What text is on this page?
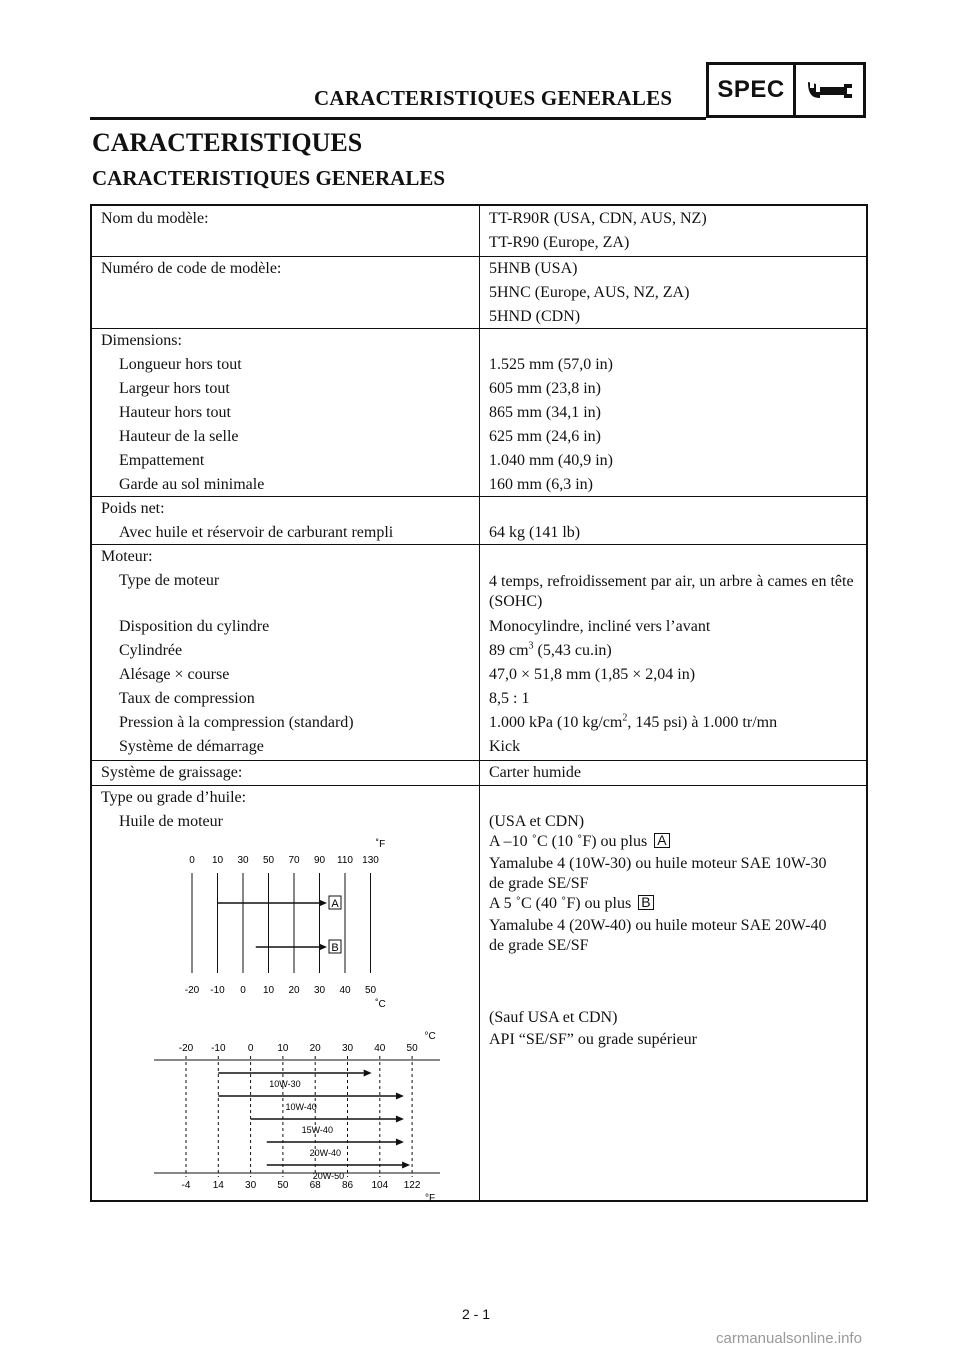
CARACTERISTIQUES GENERALES	SPEC
CARACTERISTIQUES
CARACTERISTIQUES GENERALES
Nom du modèle:	TT-R90R (USA, CDN, AUS, NZ)
TT-R90 (Europe, ZA)
Numéro de code de modèle:	5HNB (USA)
5HNC (Europe, AUS, NZ, ZA)
5HND (CDN)
Dimensions:
Longueur hors tout	1.525 mm (57,0 in)
Largeur hors tout	605 mm (23,8 in)
Hauteur hors tout	865 mm (34,1 in)
Hauteur de la selle	625 mm (24,6 in)
Empattement	1.040 mm (40,9 in)
Garde au sol minimale	160 mm (6,3 in)
Poids net:
Avec huile et réservoir de carburant rempli	64 kg (141 lb)
Moteur:
Type de moteur	4 temps, refroidissement par air, un arbre à cames en tête (SOHC)
Disposition du cylindre	Monocylindre, incliné vers l’avant
Cylindrée	89 $cm^3$ (5,43 cu.in)
Alésage × course	47,0 × 51,8 mm (1,85 × 2,04 in)
Taux de compression	8,5 : 1
Pression à la compression (standard)	1.000 kPa (10 $kg/cm^2$, 145 psi) à 1.000 tr/mn
Système de démarrage	Kick
Système de graissage:	Carter humide
Type ou grade d’huile:
Huile de moteur	(USA et CDN)
A –10 ˚C (10 ˚F) ou plus A
Yamalube 4 (10W-30) ou huile moteur SAE 10W-30
de grade SE/SF
A 5 ˚C (40 ˚F) ou plus B
Yamalube 4 (20W-40) ou huile moteur SAE 20W-40
de grade SE/SF
(Sauf USA et CDN)
API “SE/SF” ou grade supérieur
0 10 30 50 70 90 110 130
-20 -10 0 10 20 30 40 50
˚F
˚C
A
B
-20 -10 0 10 20 30 40 50
-4 14 30 50 68 86 104 122
°C
°F
10W-30
10W-40
15W-40
20W-40
20W-50
2 - 1
carmanualsonline.info
